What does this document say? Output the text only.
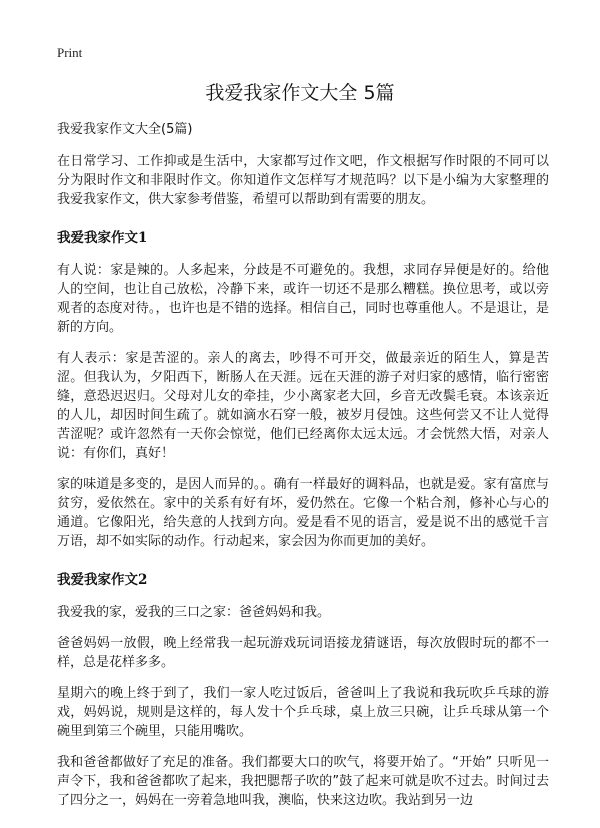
Print
我爱我家作文大全 5篇

我爱我家作文大全(5篇)

在日常学习、工作抑或是生活中，大家都写过作文吧，作文根据写作时限的不同可以分为限时作文和非限时作文。你知道作文怎样写才规范吗？以下是小编为大家整理的我爱我家作文，供大家参考借鉴，希望可以帮助到有需要的朋友。

我爱我家作文1

有人说：家是辣的。人多起来，分歧是不可避免的。我想，求同存异便是好的。给他人的空间，也让自己放松，冷静下来，或许一切还不是那么糟糕。换位思考，或以旁观者的态度对待。，也许也是不错的选择。相信自己，同时也尊重他人。不是退让，是新的方向。

有人表示：家是苦涩的。亲人的离去，吵得不可开交，做最亲近的陌生人，算是苦涩。但我认为，夕阳西下，断肠人在天涯。远在天涯的游子对归家的感情，临行密密缝，意恐迟迟归。父母对儿女的牵挂，少小离家老大回，乡音无改鬓毛衰。本该亲近的人儿，却因时间生疏了。就如滴水石穿一般，被岁月侵蚀。这些何尝又不让人觉得苦涩呢？或许忽然有一天你会惊觉，他们已经离你太远太远。才会恍然大悟，对亲人说：有你们，真好！

家的味道是多变的，是因人而异的。。确有一样最好的调料品，也就是爱。家有富庶与贫穷，爱依然在。家中的关系有好有坏，爱仍然在。它像一个粘合剂，修补心与心的通道。它像阳光，给失意的人找到方向。爱是看不见的语言，爱是说不出的感觉千言万语，却不如实际的动作。行动起来，家会因为你而更加的美好。

我爱我家作文2

我爱我的家，爱我的三口之家：爸爸妈妈和我。

爸爸妈妈一放假，晚上经常我一起玩游戏玩词语接龙猜谜语，每次放假时玩的都不一样，总是花样多多。

星期六的晚上终于到了，我们一家人吃过饭后，爸爸叫上了我说和我玩吹乒乓球的游戏，妈妈说，规则是这样的，每人发十个乒乓球，桌上放三只碗，让乒乓球从第一个碗里到第三个碗里，只能用嘴吹。

我和爸爸都做好了充足的准备。我们都要大口的吹气，将要开始了。“开始” 只听见一声令下，我和爸爸都吹了起来，我把腮帮子吹的”鼓了起来可就是吹不过去。时间过去了四分之一，妈妈在一旁着急地叫我，澳临，快来这边吹。我站到另一边
